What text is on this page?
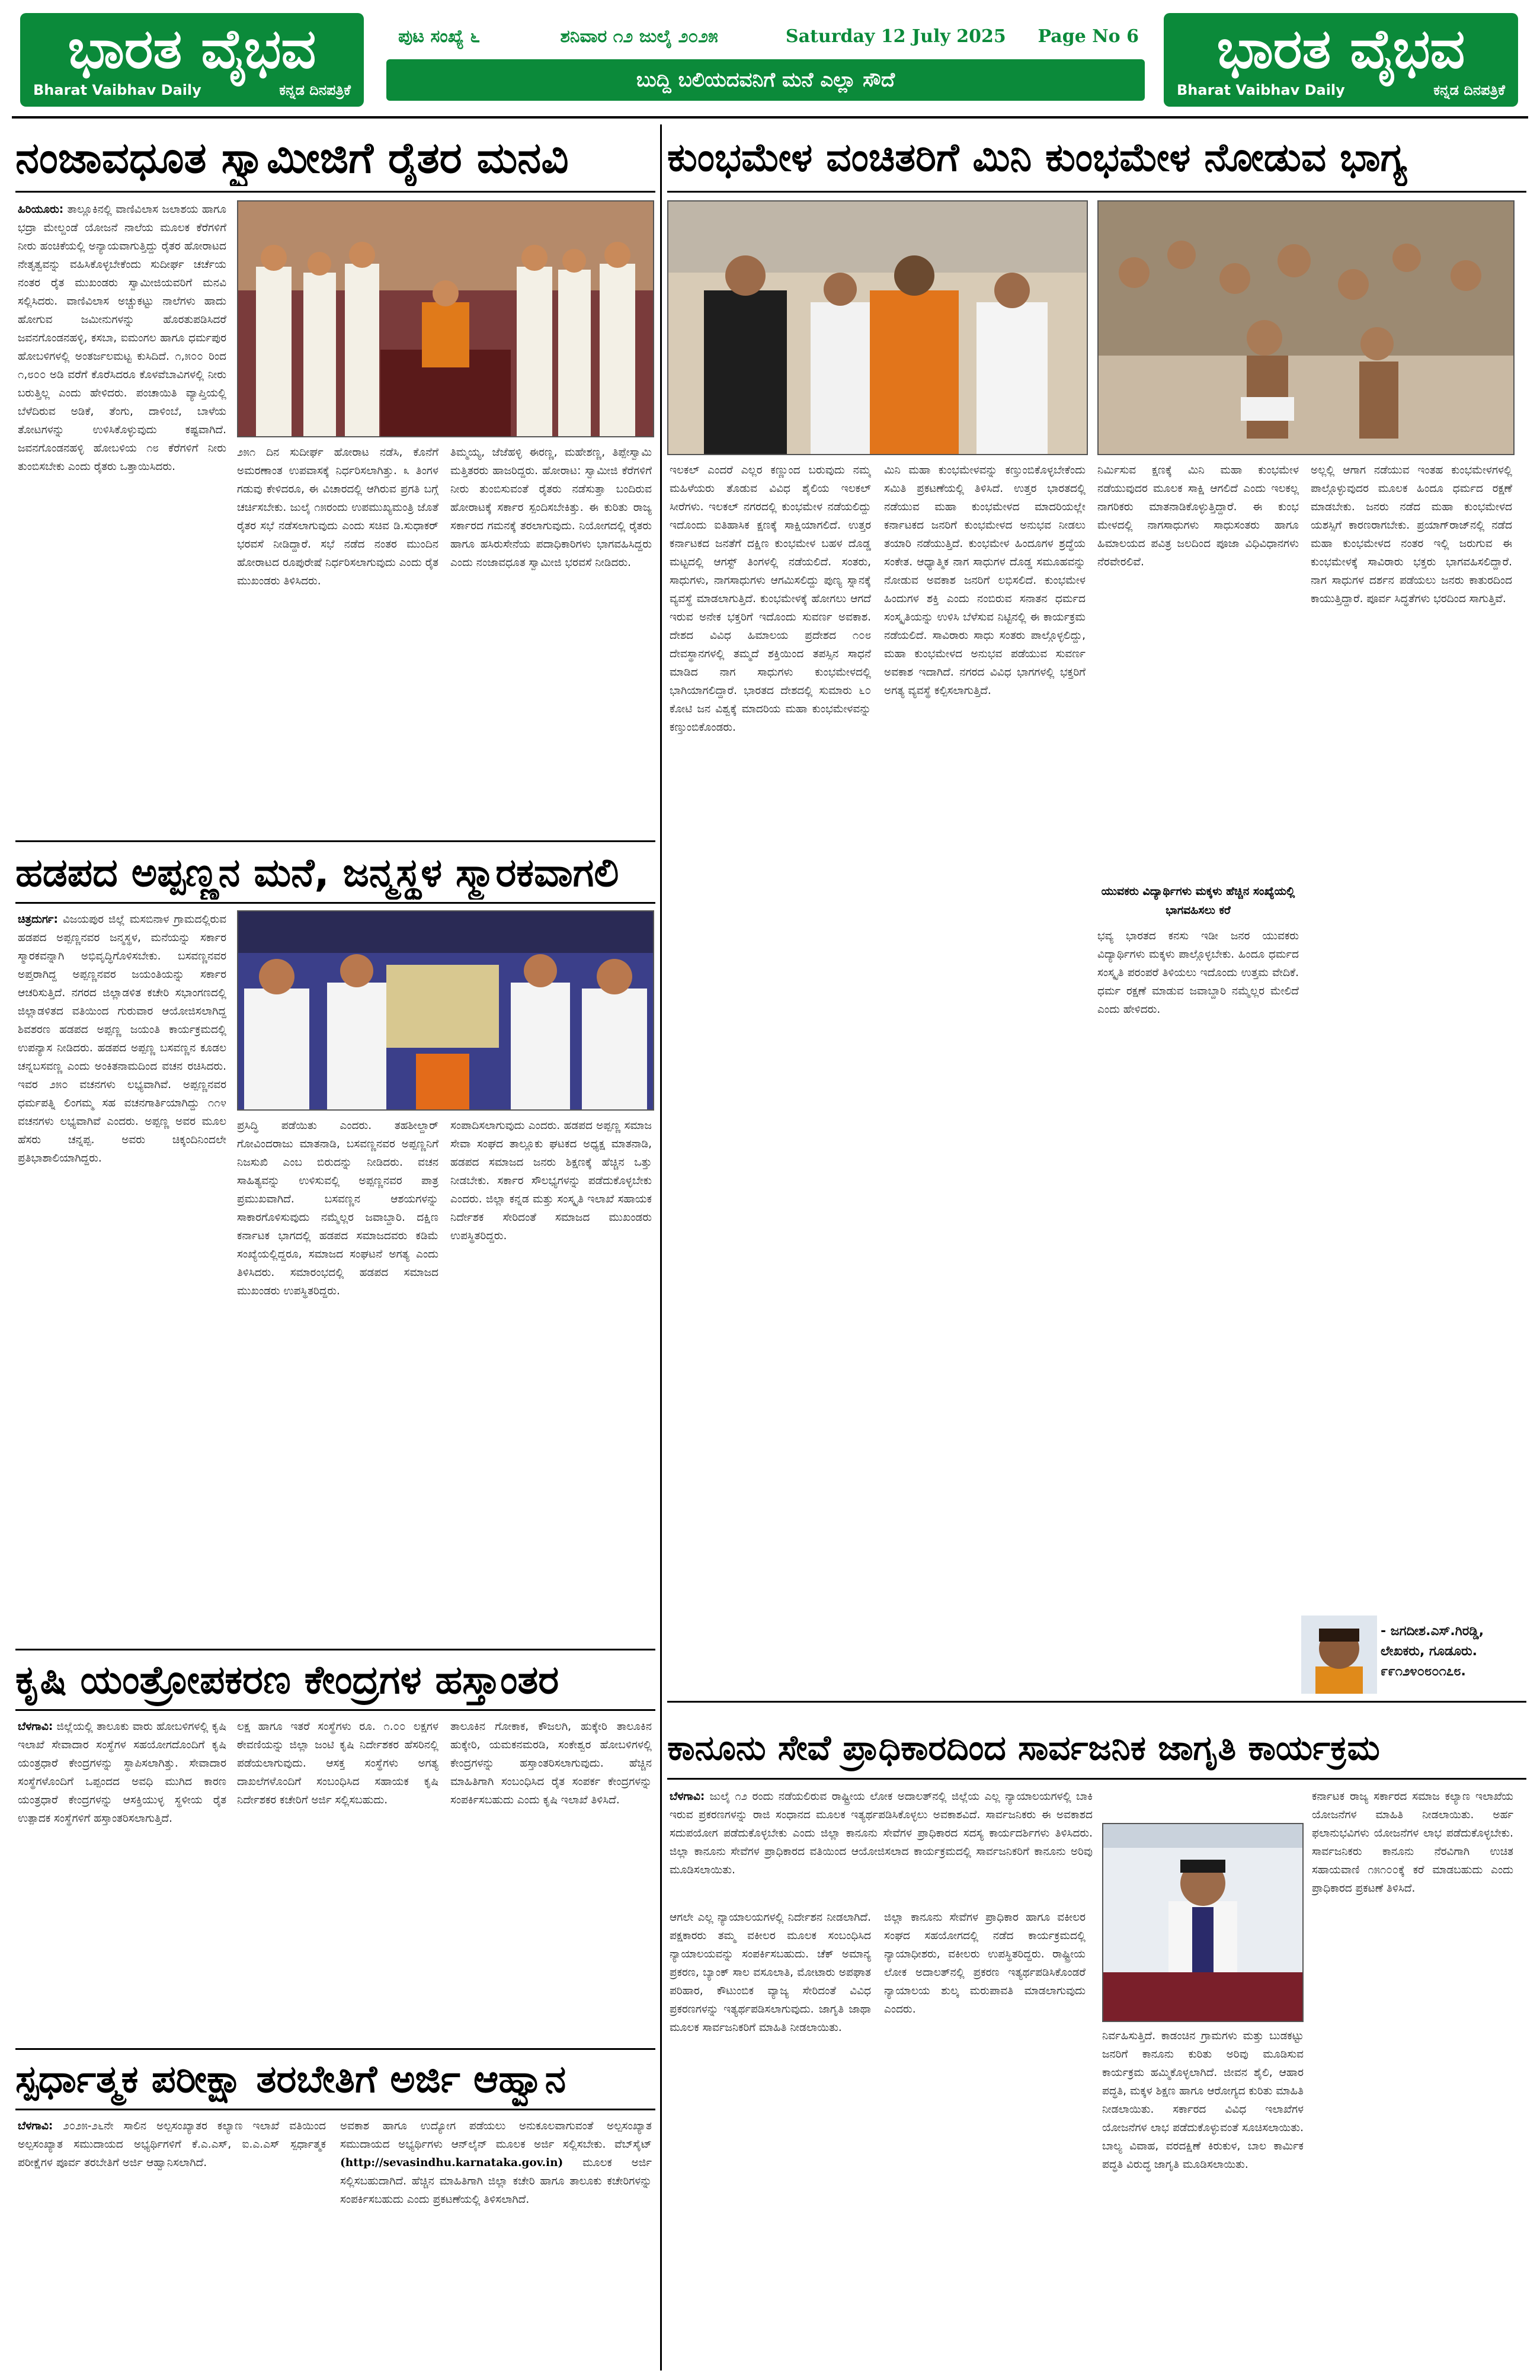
ಭಾರತ ವೈಭವ
Bharat Vaibhav Daily	ಕನ್ನಡ ದಿನಪತ್ರಿಕೆ
ಭಾರತ ವೈಭವ
Bharat Vaibhav Daily	ಕನ್ನಡ ದಿನಪತ್ರಿಕೆ
ಪುಟ ಸಂಖ್ಯೆ ೬	ಶನಿವಾರ ೧೨ ಜುಲೈ ೨೦೨೫	Saturday 12 July 2025	Page No 6
ಬುದ್ದಿ ಬಲಿಯದವನಿಗೆ ಮನೆ ಎಲ್ಲಾ ಸೌದೆ
ನಂಜಾವಧೂತ ಸ್ವಾಮೀಜಿಗೆ ರೈತರ ಮನವಿ
ಹಿರಿಯೂರು: ತಾಲ್ಲೂಕಿನಲ್ಲಿ ವಾಣಿವಿಲಾಸ ಜಲಾಶಯ ಹಾಗೂ ಭದ್ರಾ ಮೇಲ್ದಂಡೆ ಯೋಜನೆ ನಾಲೆಯ ಮೂಲಕ ಕೆರೆಗಳಿಗೆ ನೀರು ಹಂಚಿಕೆಯಲ್ಲಿ ಅನ್ಯಾಯವಾಗುತ್ತಿದ್ದು ರೈತರ ಹೋರಾಟದ ನೇತೃತ್ವವನ್ನು ವಹಿಸಿಕೊಳ್ಳಬೇಕೆಂದು ಸುದೀರ್ಘ ಚರ್ಚೆಯ ನಂತರ ರೈತ ಮುಖಂಡರು ಸ್ವಾಮೀಜಿಯವರಿಗೆ ಮನವಿ ಸಲ್ಲಿಸಿದರು. ವಾಣಿವಿಲಾಸ ಅಚ್ಚುಕಟ್ಟು ನಾಲೆಗಳು ಹಾದು ಹೋಗುವ ಜಮೀನುಗಳನ್ನು ಹೊರತುಪಡಿಸಿದರೆ ಜವನಗೊಂಡನಹಳ್ಳಿ, ಕಸಬಾ, ಐಮಂಗಲ ಹಾಗೂ ಧರ್ಮಪುರ ಹೋಬಳಿಗಳಲ್ಲಿ ಅಂತರ್ಜಲಮಟ್ಟ ಕುಸಿದಿದೆ. ೧,೫೦೦ ರಿಂದ ೧,೮೦೦ ಅಡಿ ವರೆಗೆ ಕೊರೆಸಿದರೂ ಕೊಳವೆಬಾವಿಗಳಲ್ಲಿ ನೀರು ಬರುತ್ತಿಲ್ಲ ಎಂದು ಹೇಳಿದರು. ಪಂಚಾಯಿತಿ ವ್ಯಾಪ್ತಿಯಲ್ಲಿ ಬೆಳೆದಿರುವ ಅಡಿಕೆ, ತೆಂಗು, ದಾಳಿಂಬೆ, ಬಾಳೆಯ ತೋಟಗಳನ್ನು ಉಳಿಸಿಕೊಳ್ಳುವುದು ಕಷ್ಟವಾಗಿದೆ. ಜವನಗೊಂಡನಹಳ್ಳಿ ಹೋಬಳಿಯ ೧೮ ಕೆರೆಗಳಿಗೆ ನೀರು ತುಂಬಿಸಬೇಕು ಎಂದು ರೈತರು ಒತ್ತಾಯಿಸಿದರು.
೨೫೧ ದಿನ ಸುದೀರ್ಘ ಹೋರಾಟ ನಡೆಸಿ, ಕೊನೆಗೆ ಅಮರಣಾಂತ ಉಪವಾಸಕ್ಕೆ ನಿರ್ಧರಿಸಲಾಗಿತ್ತು. ೩ ತಿಂಗಳ ಗಡುವು ಕೇಳಿದರೂ, ಈ ವಿಚಾರದಲ್ಲಿ ಆಗಿರುವ ಪ್ರಗತಿ ಬಗ್ಗೆ ಚರ್ಚಿಸಬೇಕು. ಜುಲೈ ೧೫ರಂದು ಉಪಮುಖ್ಯಮಂತ್ರಿ ಜೊತೆ ರೈತರ ಸಭೆ ನಡೆಸಲಾಗುವುದು ಎಂದು ಸಚಿವ ಡಿ.ಸುಧಾಕರ್ ಭರವಸೆ ನೀಡಿದ್ದಾರೆ. ಸಭೆ ನಡೆದ ನಂತರ ಮುಂದಿನ ಹೋರಾಟದ ರೂಪುರೇಷೆ ನಿರ್ಧರಿಸಲಾಗುವುದು ಎಂದು ರೈತ ಮುಖಂಡರು ತಿಳಿಸಿದರು.
ತಿಮ್ಮಯ್ಯ, ಜೆಜೆಹಳ್ಳಿ ಈರಣ್ಣ, ಮಹೇಶಣ್ಣ, ತಿಪ್ಪೇಸ್ವಾಮಿ ಮತ್ತಿತರರು ಹಾಜರಿದ್ದರು. ಹೋರಾಟ: ಸ್ವಾಮೀಜಿ ಕೆರೆಗಳಿಗೆ ನೀರು ತುಂಬಿಸುವಂತೆ ರೈತರು ನಡೆಸುತ್ತಾ ಬಂದಿರುವ ಹೋರಾಟಕ್ಕೆ ಸರ್ಕಾರ ಸ್ಪಂದಿಸಬೇಕಿತ್ತು. ಈ ಕುರಿತು ರಾಜ್ಯ ಸರ್ಕಾರದ ಗಮನಕ್ಕೆ ತರಲಾಗುವುದು. ನಿಯೋಗದಲ್ಲಿ ರೈತರು ಹಾಗೂ ಹಸಿರುಸೇನೆಯ ಪದಾಧಿಕಾರಿಗಳು ಭಾಗವಹಿಸಿದ್ದರು ಎಂದು ನಂಜಾವಧೂತ ಸ್ವಾಮೀಜಿ ಭರವಸೆ ನೀಡಿದರು.
ಹಡಪದ ಅಪ್ಪಣ್ಣನ ಮನೆ, ಜನ್ಮಸ್ಥಳ ಸ್ಮಾರಕವಾಗಲಿ
ಚಿತ್ರದುರ್ಗ: ವಿಜಯಪುರ ಜಿಲ್ಲೆ ಮಸಬಿನಾಳ ಗ್ರಾಮದಲ್ಲಿರುವ ಹಡಪದ ಅಪ್ಪಣ್ಣನವರ ಜನ್ಮಸ್ಥಳ, ಮನೆಯನ್ನು ಸರ್ಕಾರ ಸ್ಮಾರಕವನ್ನಾಗಿ ಅಭಿವೃದ್ಧಿಗೊಳಿಸಬೇಕು. ಬಸವಣ್ಣನವರ ಅಪ್ತರಾಗಿದ್ದ ಅಪ್ಪಣ್ಣನವರ ಜಯಂತಿಯನ್ನು ಸರ್ಕಾರ ಆಚರಿಸುತ್ತಿದೆ. ನಗರದ ಜಿಲ್ಲಾಡಳಿತ ಕಚೇರಿ ಸಭಾಂಗಣದಲ್ಲಿ ಜಿಲ್ಲಾಡಳಿತದ ವತಿಯಿಂದ ಗುರುವಾರ ಆಯೋಜಿಸಲಾಗಿದ್ದ ಶಿವಶರಣ ಹಡಪದ ಅಪ್ಪಣ್ಣ ಜಯಂತಿ ಕಾರ್ಯಕ್ರಮದಲ್ಲಿ ಉಪನ್ಯಾಸ ನೀಡಿದರು. ಹಡಪದ ಅಪ್ಪಣ್ಣ ಬಸವಣ್ಣನ ಕೂಡಲ ಚನ್ನಬಸವಣ್ಣ ಎಂದು ಅಂಕಿತನಾಮದಿಂದ ವಚನ ರಚಿಸಿದರು. ಇವರ ೨೫೦ ವಚನಗಳು ಲಭ್ಯವಾಗಿವೆ. ಅಪ್ಪಣ್ಣನವರ ಧರ್ಮಪತ್ನಿ ಲಿಂಗಮ್ಮ ಸಹ ವಚನಗಾರ್ತಿಯಾಗಿದ್ದು ೧೧೪ ವಚನಗಳು ಲಭ್ಯವಾಗಿವೆ ಎಂದರು. ಅಪ್ಪಣ್ಣ ಅವರ ಮೂಲ ಹೆಸರು ಚನ್ನಪ್ಪ. ಅವರು ಚಿಕ್ಕಂದಿನಿಂದಲೇ ಪ್ರತಿಭಾಶಾಲಿಯಾಗಿದ್ದರು.
ಪ್ರಸಿದ್ಧಿ ಪಡೆಯಿತು ಎಂದರು. ತಹಶೀಲ್ದಾರ್ ಗೋವಿಂದರಾಜು ಮಾತನಾಡಿ, ಬಸವಣ್ಣನವರ ಅಪ್ಪಣ್ಣನಿಗೆ ನಿಜಸುಖಿ ಎಂಬ ಬಿರುದನ್ನು ನೀಡಿದರು. ವಚನ ಸಾಹಿತ್ಯವನ್ನು ಉಳಿಸುವಲ್ಲಿ ಅಪ್ಪಣ್ಣನವರ ಪಾತ್ರ ಪ್ರಮುಖವಾಗಿದೆ. ಬಸವಣ್ಣನ ಆಶಯಗಳನ್ನು ಸಾಕಾರಗೊಳಿಸುವುದು ನಮ್ಮೆಲ್ಲರ ಜವಾಬ್ದಾರಿ. ದಕ್ಷಿಣ ಕರ್ನಾಟಕ ಭಾಗದಲ್ಲಿ ಹಡಪದ ಸಮಾಜದವರು ಕಡಿಮೆ ಸಂಖ್ಯೆಯಲ್ಲಿದ್ದರೂ, ಸಮಾಜದ ಸಂಘಟನೆ ಅಗತ್ಯ ಎಂದು ತಿಳಿಸಿದರು. ಸಮಾರಂಭದಲ್ಲಿ ಹಡಪದ ಸಮಾಜದ ಮುಖಂಡರು ಉಪಸ್ಥಿತರಿದ್ದರು.
ಸಂಪಾದಿಸಲಾಗುವುದು ಎಂದರು. ಹಡಪದ ಅಪ್ಪಣ್ಣ ಸಮಾಜ ಸೇವಾ ಸಂಘದ ತಾಲ್ಲೂಕು ಘಟಕದ ಅಧ್ಯಕ್ಷ ಮಾತನಾಡಿ, ಹಡಪದ ಸಮಾಜದ ಜನರು ಶಿಕ್ಷಣಕ್ಕೆ ಹೆಚ್ಚಿನ ಒತ್ತು ನೀಡಬೇಕು. ಸರ್ಕಾರ ಸೌಲಭ್ಯಗಳನ್ನು ಪಡೆದುಕೊಳ್ಳಬೇಕು ಎಂದರು. ಜಿಲ್ಲಾ ಕನ್ನಡ ಮತ್ತು ಸಂಸ್ಕೃತಿ ಇಲಾಖೆ ಸಹಾಯಕ ನಿರ್ದೇಶಕ ಸೇರಿದಂತೆ ಸಮಾಜದ ಮುಖಂಡರು ಉಪಸ್ಥಿತರಿದ್ದರು.
ಕೃಷಿ ಯಂತ್ರೋಪಕರಣ ಕೇಂದ್ರಗಳ ಹಸ್ತಾಂತರ
ಬೆಳಗಾವಿ: ಜಿಲ್ಲೆಯಲ್ಲಿ ತಾಲೂಕು ವಾರು ಹೋಬಳಿಗಳಲ್ಲಿ ಕೃಷಿ ಇಲಾಖೆ ಸೇವಾದಾರ ಸಂಸ್ಥೆಗಳ ಸಹಯೋಗದೊಂದಿಗೆ ಕೃಷಿ ಯಂತ್ರಧಾರೆ ಕೇಂದ್ರಗಳನ್ನು ಸ್ಥಾಪಿಸಲಾಗಿತ್ತು. ಸೇವಾದಾರ ಸಂಸ್ಥೆಗಳೊಂದಿಗೆ ಒಪ್ಪಂದದ ಅವಧಿ ಮುಗಿದ ಕಾರಣ ಯಂತ್ರಧಾರೆ ಕೇಂದ್ರಗಳನ್ನು ಆಸಕ್ತಿಯುಳ್ಳ ಸ್ಥಳೀಯ ರೈತ ಉತ್ಪಾದಕ ಸಂಸ್ಥೆಗಳಿಗೆ ಹಸ್ತಾಂತರಿಸಲಾಗುತ್ತಿದೆ.
ಲಕ್ಷ ಹಾಗೂ ಇತರೆ ಸಂಸ್ಥೆಗಳು ರೂ. ೧.೦೦ ಲಕ್ಷಗಳ ಠೇವಣಿಯನ್ನು ಜಿಲ್ಲಾ ಜಂಟಿ ಕೃಷಿ ನಿರ್ದೇಶಕರ ಹೆಸರಿನಲ್ಲಿ ಪಡೆಯಲಾಗುವುದು. ಆಸಕ್ತ ಸಂಸ್ಥೆಗಳು ಅಗತ್ಯ ದಾಖಲೆಗಳೊಂದಿಗೆ ಸಂಬಂಧಿಸಿದ ಸಹಾಯಕ ಕೃಷಿ ನಿರ್ದೇಶಕರ ಕಚೇರಿಗೆ ಅರ್ಜಿ ಸಲ್ಲಿಸಬಹುದು.
ತಾಲೂಕಿನ ಗೋಕಾಕ, ಕೌಜಲಗಿ, ಹುಕ್ಕೇರಿ ತಾಲೂಕಿನ ಹುಕ್ಕೇರಿ, ಯಮಕನಮರಡಿ, ಸಂಕೇಶ್ವರ ಹೋಬಳಿಗಳಲ್ಲಿ ಕೇಂದ್ರಗಳನ್ನು ಹಸ್ತಾಂತರಿಸಲಾಗುವುದು. ಹೆಚ್ಚಿನ ಮಾಹಿತಿಗಾಗಿ ಸಂಬಂಧಿಸಿದ ರೈತ ಸಂಪರ್ಕ ಕೇಂದ್ರಗಳನ್ನು ಸಂಪರ್ಕಿಸಬಹುದು ಎಂದು ಕೃಷಿ ಇಲಾಖೆ ತಿಳಿಸಿದೆ.
ಸ್ಪರ್ಧಾತ್ಮಕ ಪರೀಕ್ಷಾ ತರಬೇತಿಗೆ ಅರ್ಜಿ ಆಹ್ವಾನ
ಬೆಳಗಾವಿ: ೨೦೨೫-೨೬ನೇ ಸಾಲಿನ ಅಲ್ಪಸಂಖ್ಯಾತರ ಕಲ್ಯಾಣ ಇಲಾಖೆ ವತಿಯಿಂದ ಅಲ್ಪಸಂಖ್ಯಾತ ಸಮುದಾಯದ ಅಭ್ಯರ್ಥಿಗಳಿಗೆ ಕೆ.ಎ.ಎಸ್, ಐ.ಎ.ಎಸ್ ಸ್ಪರ್ಧಾತ್ಮಕ ಪರೀಕ್ಷೆಗಳ ಪೂರ್ವ ತರಬೇತಿಗೆ ಅರ್ಜಿ ಆಹ್ವಾನಿಸಲಾಗಿದೆ.
ಅವಕಾಶ ಹಾಗೂ ಉದ್ಯೋಗ ಪಡೆಯಲು ಅನುಕೂಲವಾಗುವಂತೆ ಅಲ್ಪಸಂಖ್ಯಾತ ಸಮುದಾಯದ ಅಭ್ಯರ್ಥಿಗಳು ಆನ್‌ಲೈನ್ ಮೂಲಕ ಅರ್ಜಿ ಸಲ್ಲಿಸಬೇಕು. ವೆಬ್‌ಸೈಟ್ (http://sevasindhu.karnataka.gov.in) ಮೂಲಕ ಅರ್ಜಿ ಸಲ್ಲಿಸಬಹುದಾಗಿದೆ. ಹೆಚ್ಚಿನ ಮಾಹಿತಿಗಾಗಿ ಜಿಲ್ಲಾ ಕಚೇರಿ ಹಾಗೂ ತಾಲೂಕು ಕಚೇರಿಗಳನ್ನು ಸಂಪರ್ಕಿಸಬಹುದು ಎಂದು ಪ್ರಕಟಣೆಯಲ್ಲಿ ತಿಳಿಸಲಾಗಿದೆ.
ಕುಂಭಮೇಳ ವಂಚಿತರಿಗೆ ಮಿನಿ ಕುಂಭಮೇಳ ನೋಡುವ ಭಾಗ್ಯ
ಇಲಕಲ್ ಎಂದರೆ ಎಲ್ಲರ ಕಣ್ಣುಂದ ಬರುವುದು ನಮ್ಮ ಮಹಿಳೆಯರು ತೊಡುವ ವಿವಿಧ ಶೈಲಿಯ ಇಲಕಲ್ ಸೀರೆಗಳು. ಇಲಕಲ್ ನಗರದಲ್ಲಿ ಕುಂಭಮೇಳ ನಡೆಯಲಿದ್ದು ಇದೊಂದು ಐತಿಹಾಸಿಕ ಕ್ಷಣಕ್ಕೆ ಸಾಕ್ಷಿಯಾಗಲಿದೆ. ಉತ್ತರ ಕರ್ನಾಟಕದ ಜನತೆಗೆ ದಕ್ಷಿಣ ಕುಂಭಮೇಳ ಬಹಳ ದೊಡ್ಡ ಮಟ್ಟದಲ್ಲಿ ಆಗಸ್ಟ್ ತಿಂಗಳಲ್ಲಿ ನಡೆಯಲಿದೆ. ಸಂತರು, ಸಾಧುಗಳು, ನಾಗಸಾಧುಗಳು ಆಗಮಿಸಲಿದ್ದು ಪುಣ್ಯ ಸ್ನಾನಕ್ಕೆ ವ್ಯವಸ್ಥೆ ಮಾಡಲಾಗುತ್ತಿದೆ. ಕುಂಭಮೇಳಕ್ಕೆ ಹೋಗಲು ಆಗದೆ ಇರುವ ಅನೇಕ ಭಕ್ತರಿಗೆ ಇದೊಂದು ಸುವರ್ಣ ಅವಕಾಶ. ದೇಶದ ವಿವಿಧ ಹಿಮಾಲಯ ಪ್ರದೇಶದ ೧೦೮ ದೇವಸ್ಥಾನಗಳಲ್ಲಿ ತಮ್ಮದೆ ಶಕ್ತಿಯಿಂದ ತಪಸ್ಸಿನ ಸಾಧನೆ ಮಾಡಿದ ನಾಗ ಸಾಧುಗಳು ಕುಂಭಮೇಳದಲ್ಲಿ ಭಾಗಿಯಾಗಲಿದ್ದಾರೆ. ಭಾರತದ ದೇಶದಲ್ಲಿ ಸುಮಾರು ೬೦ ಕೋಟಿ ಜನ ವಿಶ್ವಕ್ಕೆ ಮಾದರಿಯ ಮಹಾ ಕುಂಭಮೇಳವನ್ನು ಕಣ್ತುಂಬಿಕೊಂಡರು.
ಮಿನಿ ಮಹಾ ಕುಂಭಮೇಳವನ್ನು ಕಣ್ತುಂಬಿಕೊಳ್ಳಬೇಕೆಂದು ಸಮಿತಿ ಪ್ರಕಟಣೆಯಲ್ಲಿ ತಿಳಿಸಿದೆ. ಉತ್ತರ ಭಾರತದಲ್ಲಿ ನಡೆಯುವ ಮಹಾ ಕುಂಭಮೇಳದ ಮಾದರಿಯಲ್ಲೇ ಕರ್ನಾಟಕದ ಜನರಿಗೆ ಕುಂಭಮೇಳದ ಅನುಭವ ನೀಡಲು ತಯಾರಿ ನಡೆಯುತ್ತಿದೆ. ಕುಂಭಮೇಳ ಹಿಂದೂಗಳ ಶ್ರದ್ಧೆಯ ಸಂಕೇತ. ಆಧ್ಯಾತ್ಮಿಕ ನಾಗ ಸಾಧುಗಳ ದೊಡ್ಡ ಸಮೂಹವನ್ನು ನೋಡುವ ಅವಕಾಶ ಜನರಿಗೆ ಲಭಿಸಲಿದೆ. ಕುಂಭಮೇಳ ಹಿಂದುಗಳ ಶಕ್ತಿ ಎಂದು ನಂಬಿರುವ ಸನಾತನ ಧರ್ಮದ ಸಂಸ್ಕೃತಿಯನ್ನು ಉಳಿಸಿ ಬೆಳೆಸುವ ನಿಟ್ಟಿನಲ್ಲಿ ಈ ಕಾರ್ಯಕ್ರಮ ನಡೆಯಲಿದೆ. ಸಾವಿರಾರು ಸಾಧು ಸಂತರು ಪಾಲ್ಗೊಳ್ಳಲಿದ್ದು, ಮಹಾ ಕುಂಭಮೇಳದ ಅನುಭವ ಪಡೆಯುವ ಸುವರ್ಣ ಅವಕಾಶ ಇದಾಗಿದೆ. ನಗರದ ವಿವಿಧ ಭಾಗಗಳಲ್ಲಿ ಭಕ್ತರಿಗೆ ಅಗತ್ಯ ವ್ಯವಸ್ಥೆ ಕಲ್ಪಿಸಲಾಗುತ್ತಿದೆ.
ನಿರ್ಮಿಸುವ ಕ್ಷಣಕ್ಕೆ ಮಿನಿ ಮಹಾ ಕುಂಭಮೇಳ ನಡೆಯುವುದರ ಮೂಲಕ ಸಾಕ್ಷಿ ಆಗಲಿದೆ ಎಂದು ಇಲಕಲ್ಲ ನಾಗರಿಕರು ಮಾತನಾಡಿಕೊಳ್ಳುತ್ತಿದ್ದಾರೆ. ಈ ಕುಂಭ ಮೇಳದಲ್ಲಿ ನಾಗಸಾಧುಗಳು ಸಾಧುಸಂತರು ಹಾಗೂ ಹಿಮಾಲಯದ ಪವಿತ್ರ ಜಲದಿಂದ ಪೂಜಾ ವಿಧಿವಿಧಾನಗಳು ನೆರವೇರಲಿವೆ.
ಯುವಕರು ವಿದ್ಯಾರ್ಥಿಗಳು ಮಕ್ಕಳು ಹೆಚ್ಚಿನ ಸಂಖ್ಯೆಯಲ್ಲಿ ಭಾಗವಹಿಸಲು ಕರೆ
ಭವ್ಯ ಭಾರತದ ಕನಸು ಇಡೀ ಜನರ ಯುವಕರು ವಿದ್ಯಾರ್ಥಿಗಳು ಮಕ್ಕಳು ಪಾಲ್ಗೊಳ್ಳಬೇಕು. ಹಿಂದೂ ಧರ್ಮದ ಸಂಸ್ಕೃತಿ ಪರಂಪರೆ ತಿಳಿಯಲು ಇದೊಂದು ಉತ್ತಮ ವೇದಿಕೆ. ಧರ್ಮ ರಕ್ಷಣೆ ಮಾಡುವ ಜವಾಬ್ದಾರಿ ನಮ್ಮೆಲ್ಲರ ಮೇಲಿದೆ ಎಂದು ಹೇಳಿದರು.
ಅಲ್ಲಲ್ಲಿ ಆಗಾಗ ನಡೆಯುವ ಇಂತಹ ಕುಂಭಮೇಳಗಳಲ್ಲಿ ಪಾಲ್ಗೊಳ್ಳುವುದರ ಮೂಲಕ ಹಿಂದೂ ಧರ್ಮದ ರಕ್ಷಣೆ ಮಾಡಬೇಕು. ಜನರು ನಡೆದ ಮಹಾ ಕುಂಭಮೇಳದ ಯಶಸ್ಸಿಗೆ ಕಾರಣರಾಗಬೇಕು. ಪ್ರಯಾಗ್‌ರಾಜ್‌ನಲ್ಲಿ ನಡೆದ ಮಹಾ ಕುಂಭಮೇಳದ ನಂತರ ಇಲ್ಲಿ ಜರುಗುವ ಈ ಕುಂಭಮೇಳಕ್ಕೆ ಸಾವಿರಾರು ಭಕ್ತರು ಭಾಗವಹಿಸಲಿದ್ದಾರೆ. ನಾಗ ಸಾಧುಗಳ ದರ್ಶನ ಪಡೆಯಲು ಜನರು ಕಾತುರದಿಂದ ಕಾಯುತ್ತಿದ್ದಾರೆ. ಪೂರ್ವ ಸಿದ್ಧತೆಗಳು ಭರದಿಂದ ಸಾಗುತ್ತಿವೆ.
- ಜಗದೀಶ.ಎಸ್.ಗಿರಡ್ಡಿ,
ಲೇಖಕರು, ಗೂಡೂರು.
೯೯೧೨೪೦೮೦೧೭೮.
ಕಾನೂನು ಸೇವೆ ಪ್ರಾಧಿಕಾರದಿಂದ ಸಾರ್ವಜನಿಕ ಜಾಗೃತಿ ಕಾರ್ಯಕ್ರಮ
ಬೆಳಗಾವಿ: ಜುಲೈ ೧೨ ರಂದು ನಡೆಯಲಿರುವ ರಾಷ್ಟ್ರೀಯ ಲೋಕ ಅದಾಲತ್‌ನಲ್ಲಿ ಜಿಲ್ಲೆಯ ಎಲ್ಲ ನ್ಯಾಯಾಲಯಗಳಲ್ಲಿ ಬಾಕಿ ಇರುವ ಪ್ರಕರಣಗಳನ್ನು ರಾಜಿ ಸಂಧಾನದ ಮೂಲಕ ಇತ್ಯರ್ಥಪಡಿಸಿಕೊಳ್ಳಲು ಅವಕಾಶವಿದೆ. ಸಾರ್ವಜನಿಕರು ಈ ಅವಕಾಶದ ಸದುಪಯೋಗ ಪಡೆದುಕೊಳ್ಳಬೇಕು ಎಂದು ಜಿಲ್ಲಾ ಕಾನೂನು ಸೇವೆಗಳ ಪ್ರಾಧಿಕಾರದ ಸದಸ್ಯ ಕಾರ್ಯದರ್ಶಿಗಳು ತಿಳಿಸಿದರು. ಜಿಲ್ಲಾ ಕಾನೂನು ಸೇವೆಗಳ ಪ್ರಾಧಿಕಾರದ ವತಿಯಿಂದ ಆಯೋಜಿಸಲಾದ ಕಾರ್ಯಕ್ರಮದಲ್ಲಿ ಸಾರ್ವಜನಿಕರಿಗೆ ಕಾನೂನು ಅರಿವು ಮೂಡಿಸಲಾಯಿತು.
ಆಗಲೇ ಎಲ್ಲ ನ್ಯಾಯಾಲಯಗಳಲ್ಲಿ ನಿರ್ದೇಶನ ನೀಡಲಾಗಿದೆ. ಪಕ್ಷಕಾರರು ತಮ್ಮ ವಕೀಲರ ಮೂಲಕ ಸಂಬಂಧಿಸಿದ ನ್ಯಾಯಾಲಯವನ್ನು ಸಂಪರ್ಕಿಸಬಹುದು. ಚೆಕ್ ಅಮಾನ್ಯ ಪ್ರಕರಣ, ಬ್ಯಾಂಕ್ ಸಾಲ ವಸೂಲಾತಿ, ಮೋಟಾರು ಅಪಘಾತ ಪರಿಹಾರ, ಕೌಟುಂಬಿಕ ವ್ಯಾಜ್ಯ ಸೇರಿದಂತೆ ವಿವಿಧ ಪ್ರಕರಣಗಳನ್ನು ಇತ್ಯರ್ಥಪಡಿಸಲಾಗುವುದು. ಜಾಗೃತಿ ಜಾಥಾ ಮೂಲಕ ಸಾರ್ವಜನಿಕರಿಗೆ ಮಾಹಿತಿ ನೀಡಲಾಯಿತು.
ಜಿಲ್ಲಾ ಕಾನೂನು ಸೇವೆಗಳ ಪ್ರಾಧಿಕಾರ ಹಾಗೂ ವಕೀಲರ ಸಂಘದ ಸಹಯೋಗದಲ್ಲಿ ನಡೆದ ಕಾರ್ಯಕ್ರಮದಲ್ಲಿ ನ್ಯಾಯಾಧೀಶರು, ವಕೀಲರು ಉಪಸ್ಥಿತರಿದ್ದರು. ರಾಷ್ಟ್ರೀಯ ಲೋಕ ಅದಾಲತ್‌ನಲ್ಲಿ ಪ್ರಕರಣ ಇತ್ಯರ್ಥಪಡಿಸಿಕೊಂಡರೆ ನ್ಯಾಯಾಲಯ ಶುಲ್ಕ ಮರುಪಾವತಿ ಮಾಡಲಾಗುವುದು ಎಂದರು.
ನಿರ್ವಹಿಸುತ್ತಿದೆ. ಕಾಡಂಚಿನ ಗ್ರಾಮಗಳು ಮತ್ತು ಬುಡಕಟ್ಟು ಜನರಿಗೆ ಕಾನೂನು ಕುರಿತು ಅರಿವು ಮೂಡಿಸುವ ಕಾರ್ಯಕ್ರಮ ಹಮ್ಮಿಕೊಳ್ಳಲಾಗಿದೆ. ಜೀವನ ಶೈಲಿ, ಆಹಾರ ಪದ್ಧತಿ, ಮಕ್ಕಳ ಶಿಕ್ಷಣ ಹಾಗೂ ಆರೋಗ್ಯದ ಕುರಿತು ಮಾಹಿತಿ ನೀಡಲಾಯಿತು. ಸರ್ಕಾರದ ವಿವಿಧ ಇಲಾಖೆಗಳ ಯೋಜನೆಗಳ ಲಾಭ ಪಡೆದುಕೊಳ್ಳುವಂತೆ ಸೂಚಿಸಲಾಯಿತು. ಬಾಲ್ಯ ವಿವಾಹ, ವರದಕ್ಷಿಣೆ ಕಿರುಕುಳ, ಬಾಲ ಕಾರ್ಮಿಕ ಪದ್ಧತಿ ವಿರುದ್ಧ ಜಾಗೃತಿ ಮೂಡಿಸಲಾಯಿತು.
ಕರ್ನಾಟಕ ರಾಜ್ಯ ಸರ್ಕಾರದ ಸಮಾಜ ಕಲ್ಯಾಣ ಇಲಾಖೆಯ ಯೋಜನೆಗಳ ಮಾಹಿತಿ ನೀಡಲಾಯಿತು. ಅರ್ಹ ಫಲಾನುಭವಿಗಳು ಯೋಜನೆಗಳ ಲಾಭ ಪಡೆದುಕೊಳ್ಳಬೇಕು. ಸಾರ್ವಜನಿಕರು ಕಾನೂನು ನೆರವಿಗಾಗಿ ಉಚಿತ ಸಹಾಯವಾಣಿ ೧೫೧೦೦ಕ್ಕೆ ಕರೆ ಮಾಡಬಹುದು ಎಂದು ಪ್ರಾಧಿಕಾರದ ಪ್ರಕಟಣೆ ತಿಳಿಸಿದೆ.
